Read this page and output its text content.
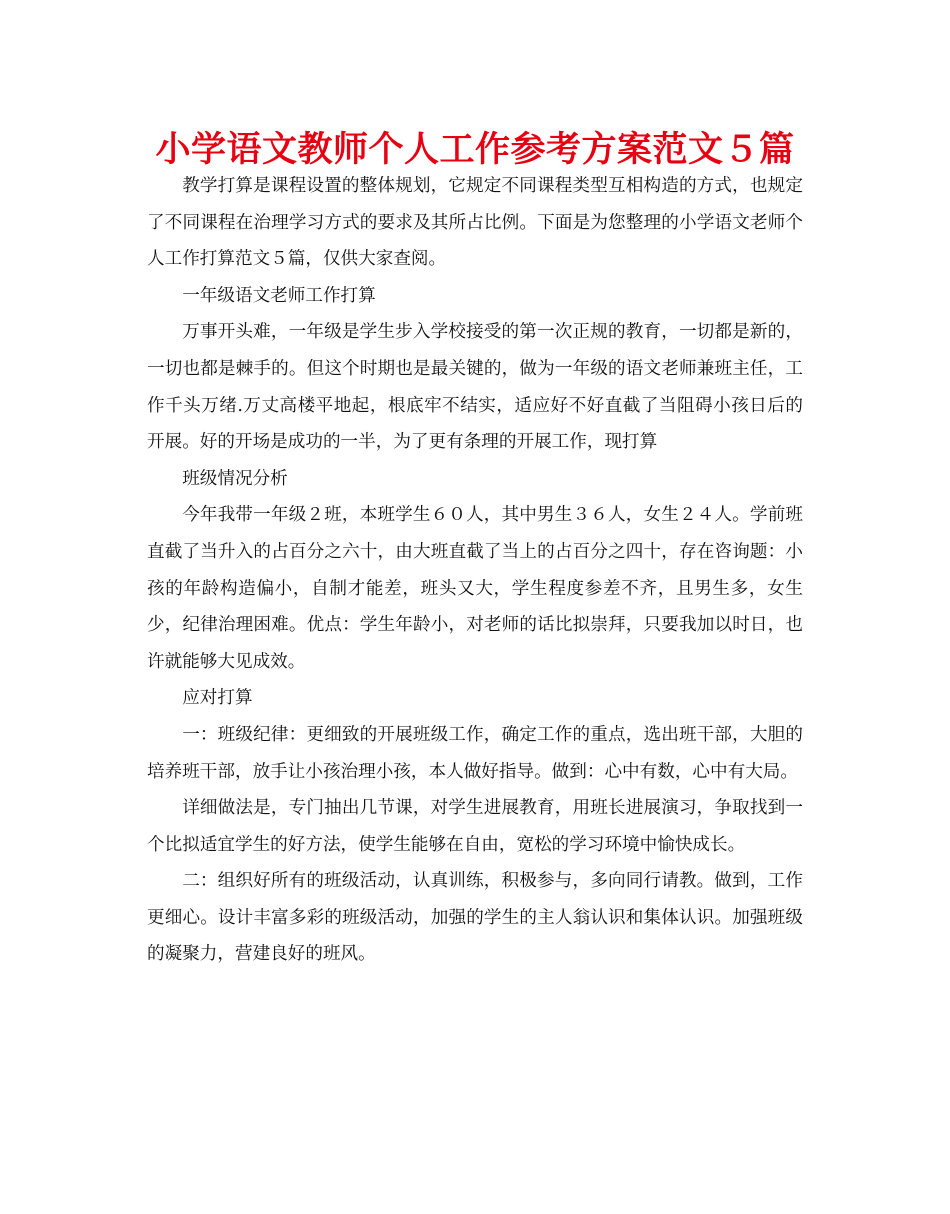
小学语文教师个人工作参考方案范文５篇

教学打算是课程设置的整体规划，它规定不同课程类型互相构造的方式，也规定了不同课程在治理学习方式的要求及其所占比例。下面是为您整理的小学语文老师个人工作打算范文５篇，仅供大家查阅。

一年级语文老师工作打算

万事开头难，一年级是学生步入学校接受的第一次正规的教育，一切都是新的，一切也都是棘手的。但这个时期也是最关键的，做为一年级的语文老师兼班主任，工作千头万绪.万丈高楼平地起，根底牢不结实，适应好不好直截了当阻碍小孩日后的开展。好的开场是成功的一半，为了更有条理的开展工作，现打算

班级情况分析

今年我带一年级２班，本班学生６０人，其中男生３６人，女生２４人。学前班直截了当升入的占百分之六十，由大班直截了当上的占百分之四十，存在咨询题：小孩的年龄构造偏小，自制才能差，班头又大，学生程度参差不齐，且男生多，女生少，纪律治理困难。优点：学生年龄小，对老师的话比拟崇拜，只要我加以时日，也许就能够大见成效。

应对打算

一：班级纪律：更细致的开展班级工作，确定工作的重点，选出班干部，大胆的培养班干部，放手让小孩治理小孩，本人做好指导。做到：心中有数，心中有大局。

详细做法是，专门抽出几节课，对学生进展教育，用班长进展演习，争取找到一个比拟适宜学生的好方法，使学生能够在自由，宽松的学习环境中愉快成长。

二：组织好所有的班级活动，认真训练，积极参与，多向同行请教。做到，工作更细心。设计丰富多彩的班级活动，加强的学生的主人翁认识和集体认识。加强班级的凝聚力，营建良好的班风。
